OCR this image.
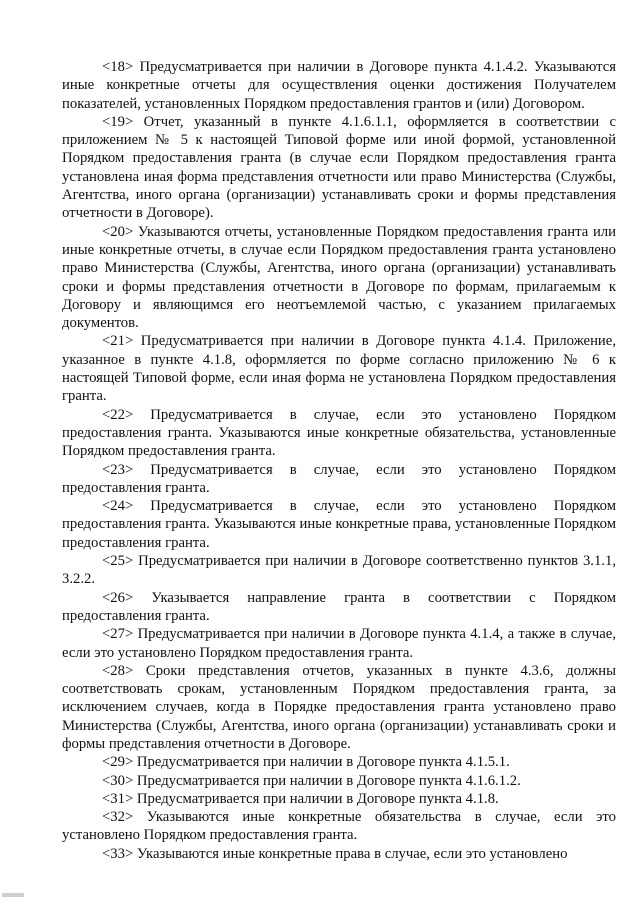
<18> Предусматривается при наличии в Договоре пункта 4.1.4.2. Указываются иные конкретные отчеты для осуществления оценки достижения Получателем показателей, установленных Порядком предоставления грантов и (или) Договором.

<19> Отчет, указанный в пункте 4.1.6.1.1, оформляется в соответствии с приложением № 5 к настоящей Типовой форме или иной формой, установленной Порядком предоставления гранта (в случае если Порядком предоставления гранта установлена иная форма представления отчетности или право Министерства (Службы, Агентства, иного органа (организации) устанавливать сроки и формы представления отчетности в Договоре).

<20> Указываются отчеты, установленные Порядком предоставления гранта или иные конкретные отчеты, в случае если Порядком предоставления гранта установлено право Министерства (Службы, Агентства, иного органа (организации) устанавливать сроки и формы представления отчетности в Договоре по формам, прилагаемым к Договору и являющимся его неотъемлемой частью, с указанием прилагаемых документов.

<21> Предусматривается при наличии в Договоре пункта 4.1.4. Приложение, указанное в пункте 4.1.8, оформляется по форме согласно приложению № 6 к настоящей Типовой форме, если иная форма не установлена Порядком предоставления гранта.

<22> Предусматривается в случае, если это установлено Порядком предоставления гранта. Указываются иные конкретные обязательства, установленные Порядком предоставления гранта.

<23> Предусматривается в случае, если это установлено Порядком предоставления гранта.

<24> Предусматривается в случае, если это установлено Порядком предоставления гранта. Указываются иные конкретные права, установленные Порядком предоставления гранта.

<25> Предусматривается при наличии в Договоре соответственно пунктов 3.1.1, 3.2.2.

<26> Указывается направление гранта в соответствии с Порядком предоставления гранта.

<27> Предусматривается при наличии в Договоре пункта 4.1.4, а также в случае, если это установлено Порядком предоставления гранта.

<28> Сроки представления отчетов, указанных в пункте 4.3.6, должны соответствовать срокам, установленным Порядком предоставления гранта, за исключением случаев, когда в Порядке предоставления гранта установлено право Министерства (Службы, Агентства, иного органа (организации) устанавливать сроки и формы представления отчетности в Договоре.

<29> Предусматривается при наличии в Договоре пункта 4.1.5.1.

<30> Предусматривается при наличии в Договоре пункта 4.1.6.1.2.

<31> Предусматривается при наличии в Договоре пункта 4.1.8.

<32> Указываются иные конкретные обязательства в случае, если это установлено Порядком предоставления гранта.

<33> Указываются иные конкретные права в случае, если это установлено
